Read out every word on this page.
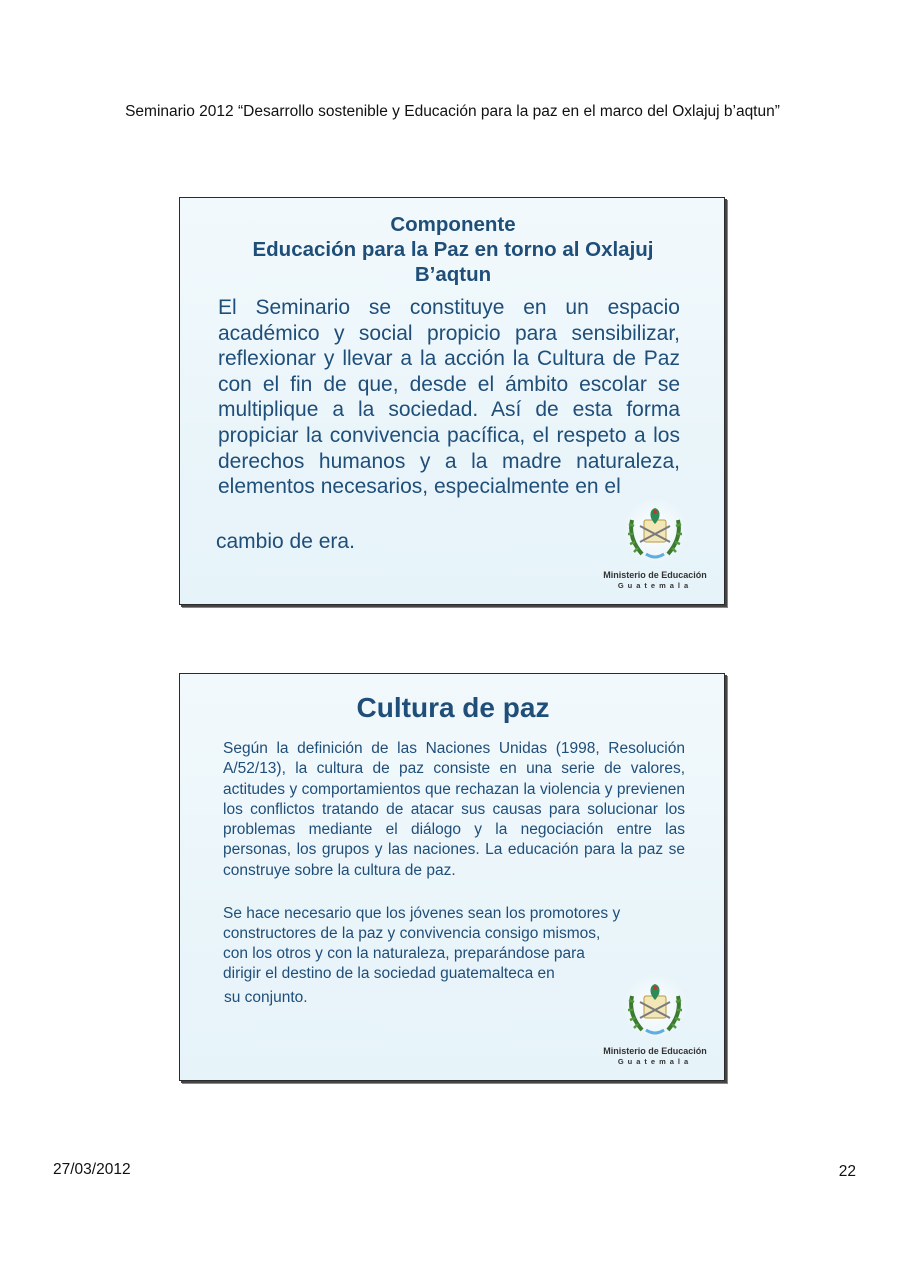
Seminario 2012 “Desarrollo sostenible y Educación para la paz en el marco del Oxlajuj b’aqtun”
Componente
Educación para la Paz en torno al Oxlajuj
B’aqtun

El Seminario se constituye en un espacio académico y social propicio para sensibilizar, reflexionar y llevar a la acción la Cultura de Paz con el fin de que, desde el ámbito escolar se multiplique a la sociedad. Así de esta forma propiciar la convivencia pacífica, el respeto a los derechos humanos y a la madre naturaleza, elementos necesarios, especialmente en el

cambio de era.
Ministerio de Educación
Guatemala
Cultura de paz
Según la definición de las Naciones Unidas (1998, Resolución A/52/13), la cultura de paz consiste en una serie de valores, actitudes y comportamientos que rechazan la violencia y previenen los conflictos tratando de atacar sus causas para solucionar los problemas mediante el diálogo y la negociación entre las personas, los grupos y las naciones. La educación para la paz se construye sobre la cultura de paz.
Se hace necesario que los jóvenes sean los promotores y
constructores de la paz y convivencia consigo mismos,
con los otros y con la naturaleza, preparándose para
dirigir el destino de la sociedad guatemalteca en
su conjunto.
Ministerio de Educación
Guatemala
27/03/2012	22
